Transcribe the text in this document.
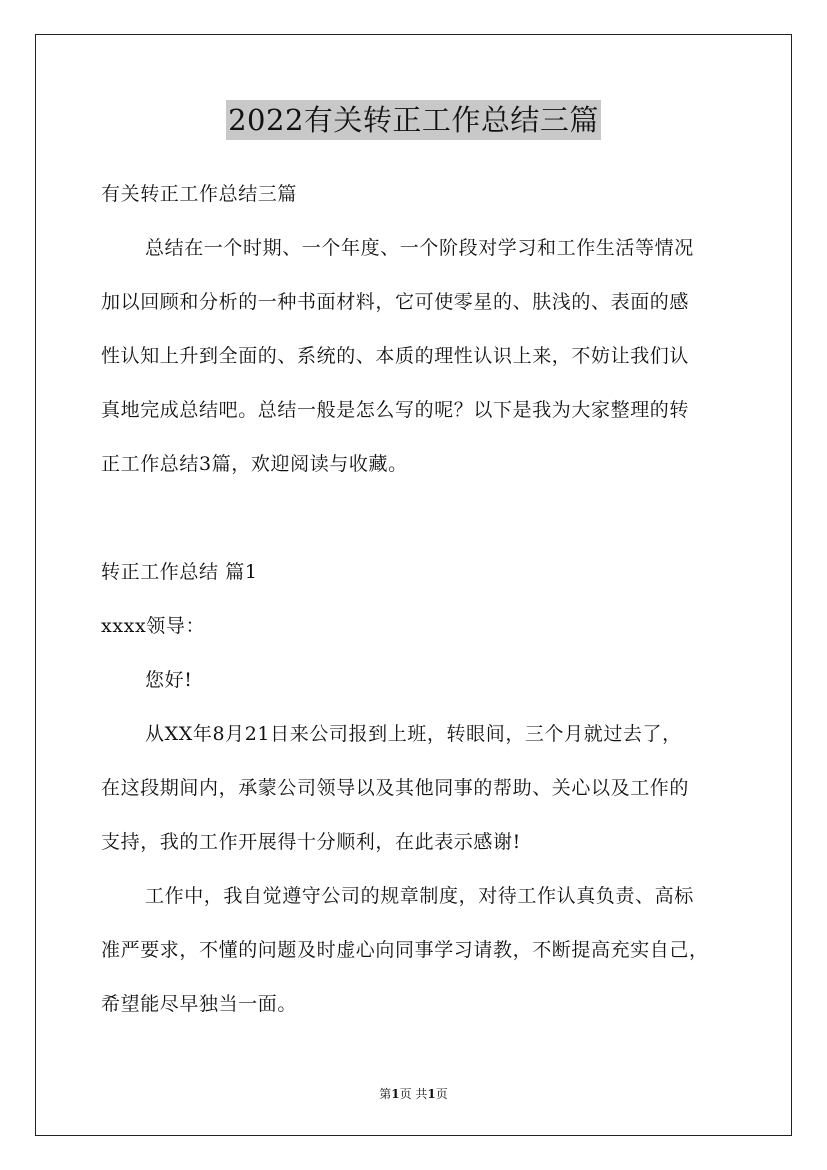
2022有关转正工作总结三篇
有关转正工作总结三篇
总结在一个时期、一个年度、一个阶段对学习和工作生活等情况
加以回顾和分析的一种书面材料，它可使零星的、肤浅的、表面的感
性认知上升到全面的、系统的、本质的理性认识上来，不妨让我们认
真地完成总结吧。总结一般是怎么写的呢？以下是我为大家整理的转
正工作总结3篇，欢迎阅读与收藏。
转正工作总结 篇1
xxxx领导：
您好!
从XX年8月21日来公司报到上班，转眼间，三个月就过去了，
在这段期间内，承蒙公司领导以及其他同事的帮助、关心以及工作的
支持，我的工作开展得十分顺利，在此表示感谢!
工作中，我自觉遵守公司的规章制度，对待工作认真负责、高标
准严要求，不懂的问题及时虚心向同事学习请教，不断提高充实自己，
希望能尽早独当一面。
第1页 共1页
